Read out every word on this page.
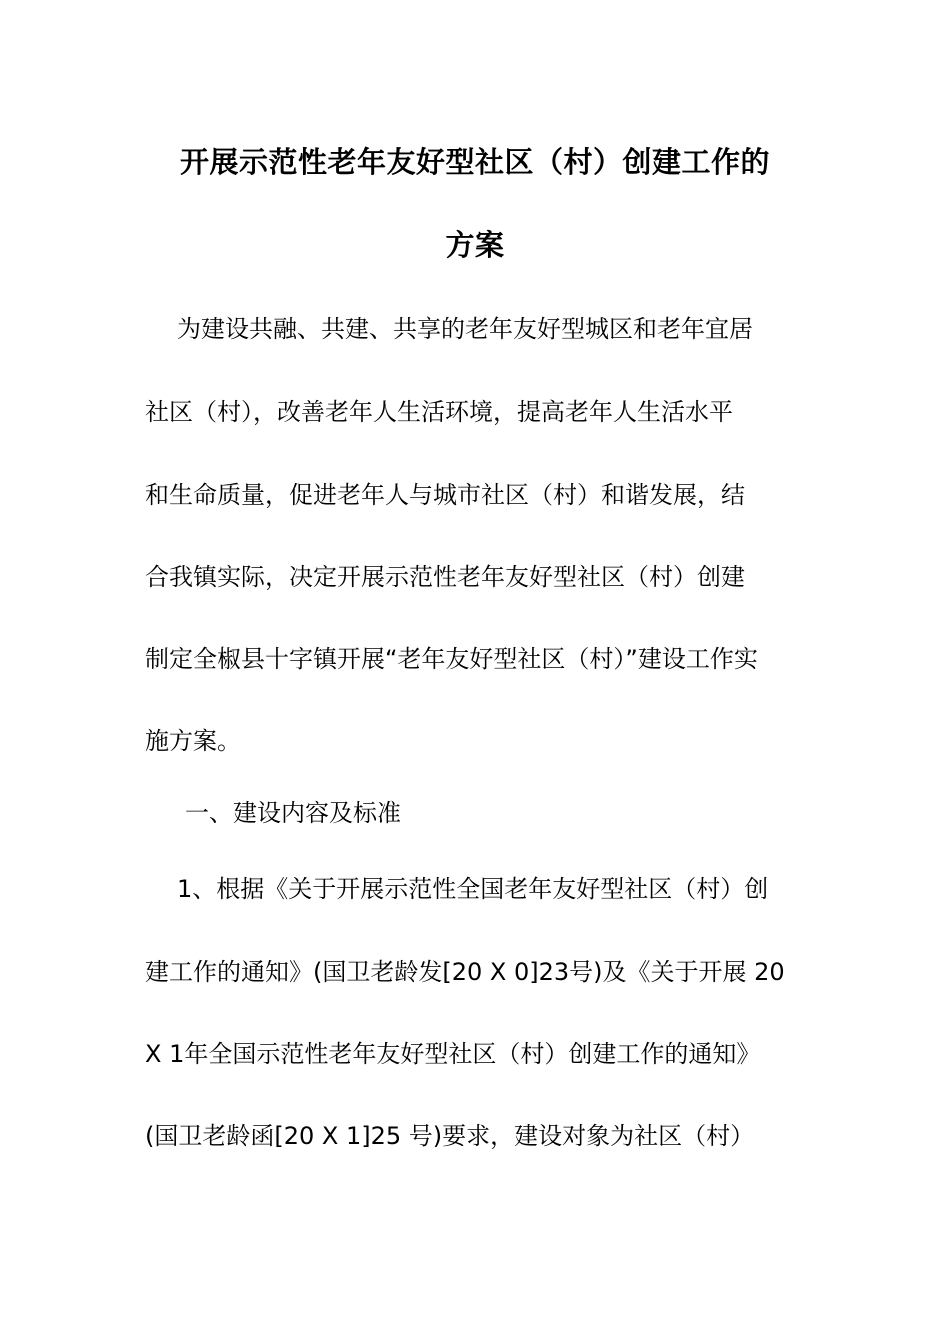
开展示范性老年友好型社区（村）创建工作的
方案
为建设共融、共建、共享的老年友好型城区和老年宜居
社区（村），改善老年人生活环境，提高老年人生活水平
和生命质量，促进老年人与城市社区（村）和谐发展，结
合我镇实际，决定开展示范性老年友好型社区（村）创建
制定全椒县十字镇开展“老年友好型社区（村）”建设工作实
施方案。
一、建设内容及标准
1、根据《关于开展示范性全国老年友好型社区（村）创
建工作的通知》(国卫老龄发[20 X 0]23号)及《关于开展 20
X 1年全国示范性老年友好型社区（村）创建工作的通知》
(国卫老龄函[20 X 1]25 号)要求，建设对象为社区（村）
